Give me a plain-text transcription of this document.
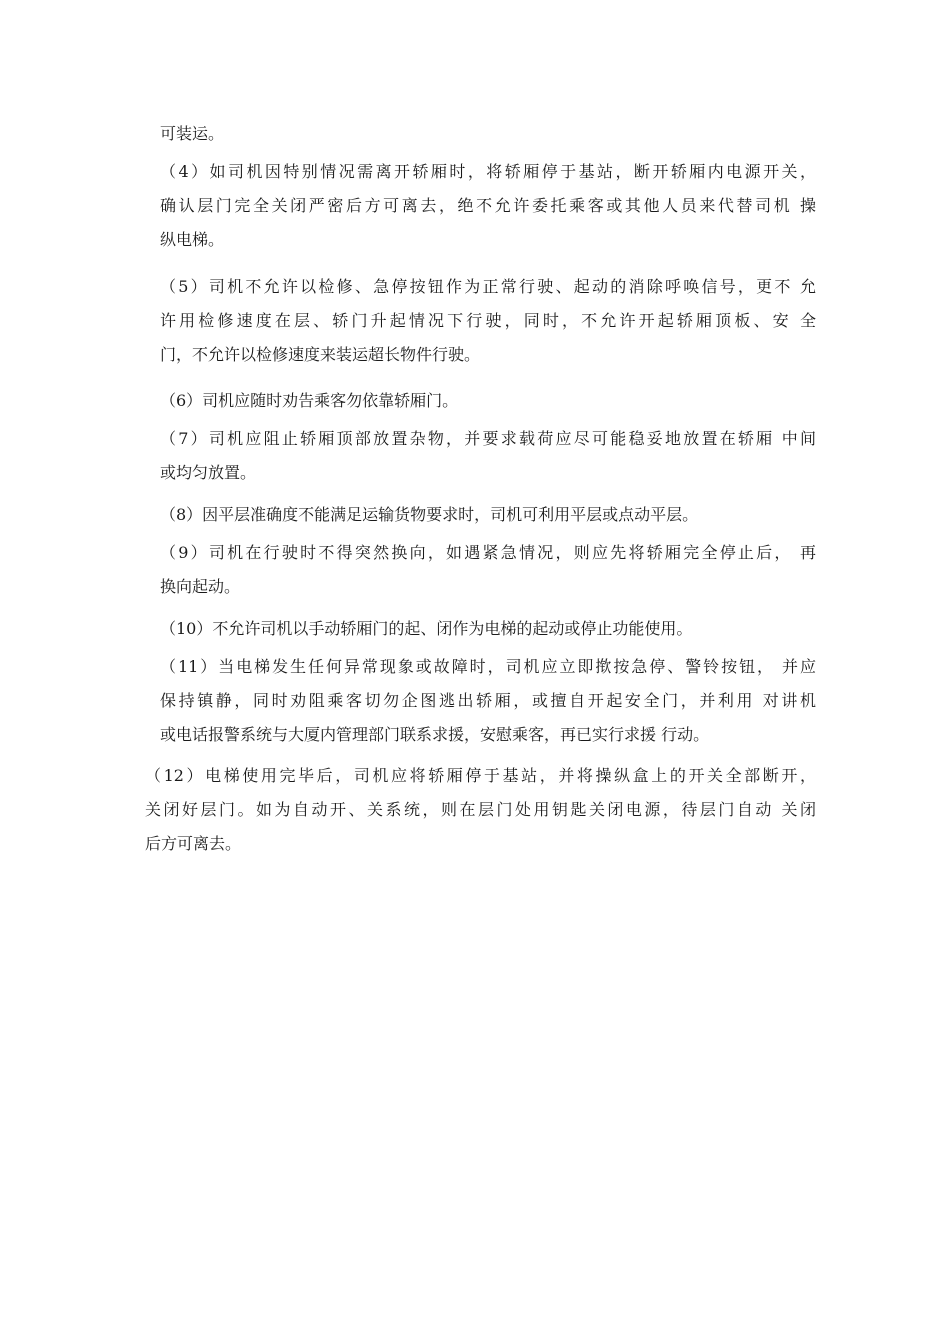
可装运。
（4）如司机因特别情况需离开轿厢时，将轿厢停于基站，断开轿厢内电源开关，
确认层门完全关闭严密后方可离去，绝不允许委托乘客或其他人员来代替司机 操
纵电梯。
（5）司机不允许以检修、急停按钮作为正常行驶、起动的消除呼唤信号，更不 允
许用检修速度在层、轿门升起情况下行驶，同时，不允许开起轿厢顶板、安 全
门，不允许以检修速度来装运超长物件行驶。
（6）司机应随时劝告乘客勿依靠轿厢门。
（7）司机应阻止轿厢顶部放置杂物，并要求载荷应尽可能稳妥地放置在轿厢 中间
或均匀放置。
（8）因平层准确度不能满足运输货物要求时，司机可利用平层或点动平层。
（9）司机在行驶时不得突然换向，如遇紧急情况，则应先将轿厢完全停止后， 再
换向起动。
（10）不允许司机以手动轿厢门的起、闭作为电梯的起动或停止功能使用。
（11）当电梯发生任何异常现象或故障时，司机应立即揿按急停、警铃按钮， 并应
保持镇静，同时劝阻乘客切勿企图逃出轿厢，或擅自开起安全门，并利用 对讲机
或电话报警系统与大厦内管理部门联系求援，安慰乘客，再已实行求援 行动。
（12）电梯使用完毕后，司机应将轿厢停于基站，并将操纵盒上的开关全部断开，
关闭好层门。如为自动开、关系统，则在层门处用钥匙关闭电源，待层门自动 关闭
后方可离去。
